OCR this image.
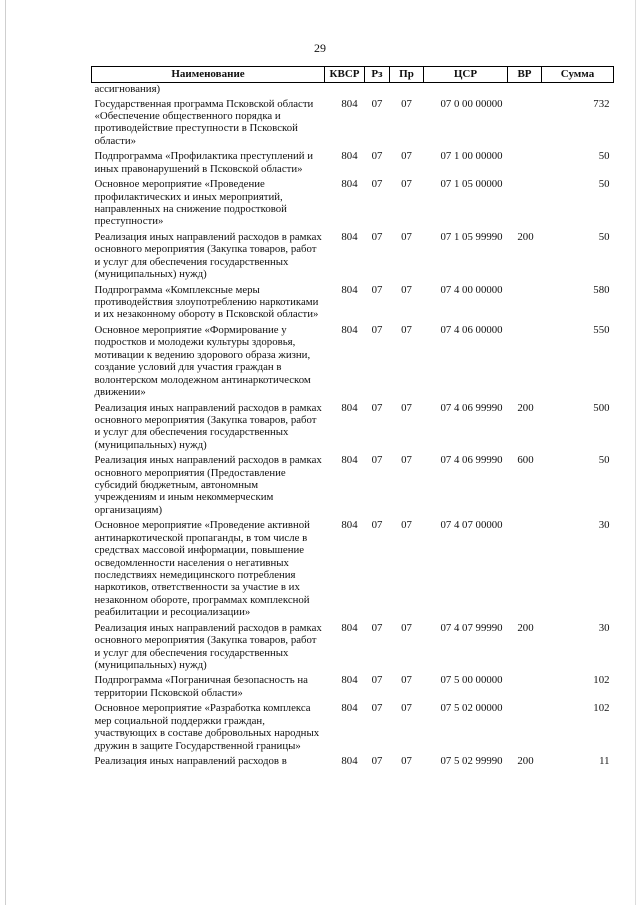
29
Наименование	КВСР	Рз	Пр	ЦСР	ВР	Сумма
ассигнования)						
Государственная программа Псковской области «Обеспечение общественного порядка и противодействие преступности в Псковской области»	804	07	07	07 0 00 00000		732
Подпрограмма «Профилактика преступлений и иных правонарушений в Псковской области»	804	07	07	07 1 00 00000		50
Основное мероприятие «Проведение профилактических и иных мероприятий, направленных на снижение подростковой преступности»	804	07	07	07 1 05 00000		50
Реализация иных направлений расходов в рамках основного мероприятия (Закупка товаров, работ и услуг для обеспечения государственных (муниципальных) нужд)	804	07	07	07 1 05 99990	200	50
Подпрограмма «Комплексные меры противодействия злоупотреблению наркотиками и их незаконному обороту в Псковской области»	804	07	07	07 4 00 00000		580
Основное мероприятие «Формирование у подростков и молодежи культуры здоровья, мотивации к ведению здорового образа жизни, создание условий для участия граждан в волонтерском молодежном антинаркотическом движении»	804	07	07	07 4 06 00000		550
Реализация иных направлений расходов в рамках основного мероприятия (Закупка товаров, работ и услуг для обеспечения государственных (муниципальных) нужд)	804	07	07	07 4 06 99990	200	500
Реализация иных направлений расходов в рамках основного мероприятия (Предоставление субсидий бюджетным, автономным учреждениям и иным некоммерческим организациям)	804	07	07	07 4 06 99990	600	50
Основное мероприятие «Проведение активной антинаркотической пропаганды, в том числе в средствах массовой информации, повышение осведомленности населения о негативных последствиях немедицинского потребления наркотиков, ответственности за участие в их незаконном обороте, программах комплексной реабилитации и ресоциализации»	804	07	07	07 4 07 00000		30
Реализация иных направлений расходов в рамках основного мероприятия (Закупка товаров, работ и услуг для обеспечения государственных (муниципальных) нужд)	804	07	07	07 4 07 99990	200	30
Подпрограмма «Пограничная безопасность на территории Псковской области»	804	07	07	07 5 00 00000		102
Основное мероприятие «Разработка комплекса мер социальной поддержки граждан, участвующих в составе добровольных народных дружин в защите Государственной границы»	804	07	07	07 5 02 00000		102
Реализация иных направлений расходов в	804	07	07	07 5 02 99990	200	11
